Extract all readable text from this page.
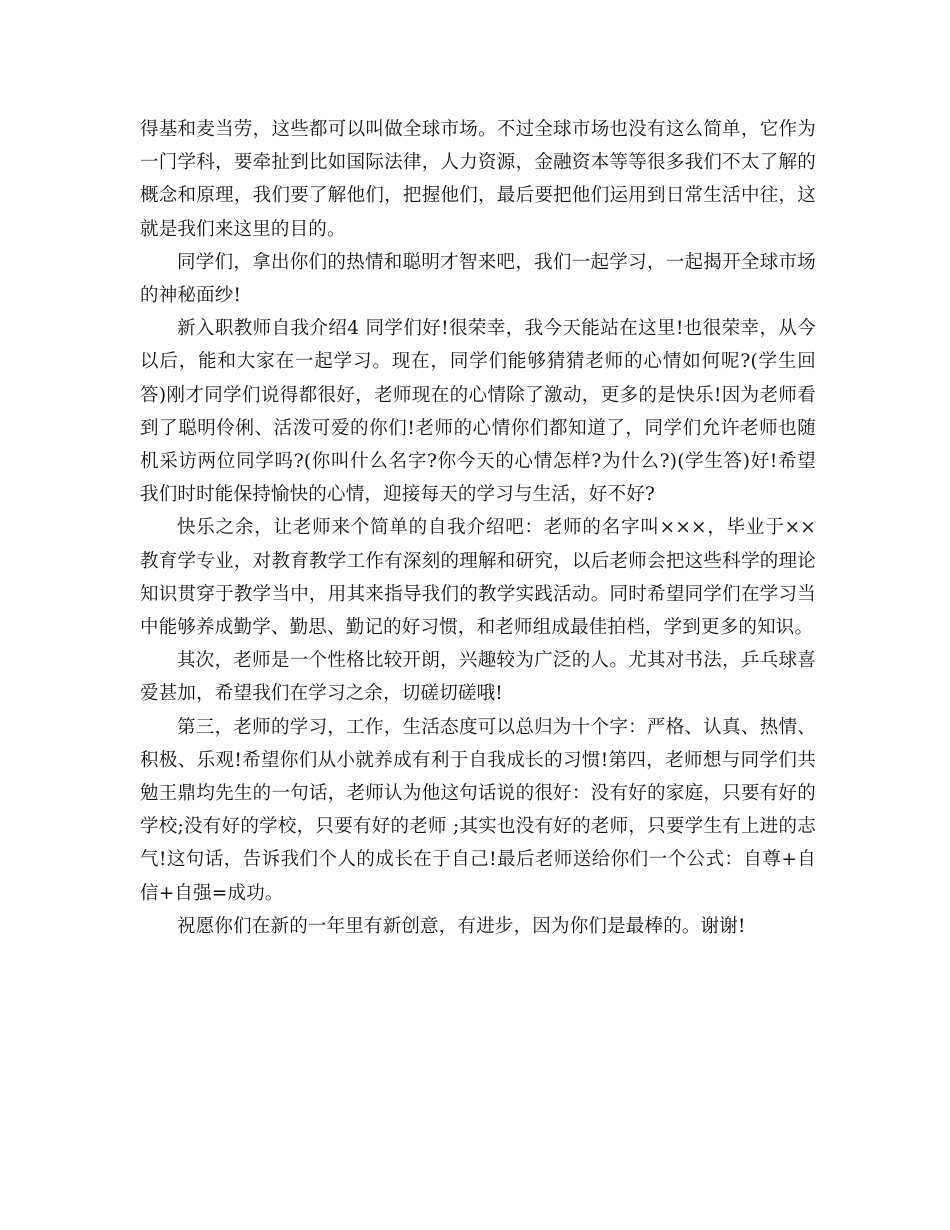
得基和麦当劳，这些都可以叫做全球市场。不过全球市场也没有这么简单，它作为一门学科，要牵扯到比如国际法律，人力资源，金融资本等等很多我们不太了解的概念和原理，我们要了解他们，把握他们，最后要把他们运用到日常生活中往，这就是我们来这里的目的。

同学们，拿出你们的热情和聪明才智来吧，我们一起学习，一起揭开全球市场的神秘面纱!

新入职教师自我介绍4 同学们好!很荣幸，我今天能站在这里!也很荣幸，从今以后，能和大家在一起学习。现在，同学们能够猜猜老师的心情如何呢?(学生回答)刚才同学们说得都很好，老师现在的心情除了激动，更多的是快乐!因为老师看到了聪明伶俐、活泼可爱的你们!老师的心情你们都知道了，同学们允许老师也随机采访两位同学吗?(你叫什么名字?你今天的心情怎样?为什么?)(学生答)好!希望我们时时能保持愉快的心情，迎接每天的学习与生活，好不好?

快乐之余，让老师来个简单的自我介绍吧：老师的名字叫×××，毕业于××教育学专业，对教育教学工作有深刻的理解和研究，以后老师会把这些科学的理论知识贯穿于教学当中，用其来指导我们的教学实践活动。同时希望同学们在学习当中能够养成勤学、勤思、勤记的好习惯，和老师组成最佳拍档，学到更多的知识。

其次，老师是一个性格比较开朗，兴趣较为广泛的人。尤其对书法，乒乓球喜爱甚加，希望我们在学习之余，切磋切磋哦!

第三，老师的学习，工作，生活态度可以总归为十个字：严格、认真、热情、积极、乐观!希望你们从小就养成有利于自我成长的习惯!第四，老师想与同学们共勉王鼎均先生的一句话，老师认为他这句话说的很好：没有好的家庭，只要有好的学校;没有好的学校，只要有好的老师 ;其实也没有好的老师，只要学生有上进的志气!这句话，告诉我们个人的成长在于自己!最后老师送给你们一个公式：自尊+自信+自强=成功。

祝愿你们在新的一年里有新创意，有进步，因为你们是最棒的。谢谢!
